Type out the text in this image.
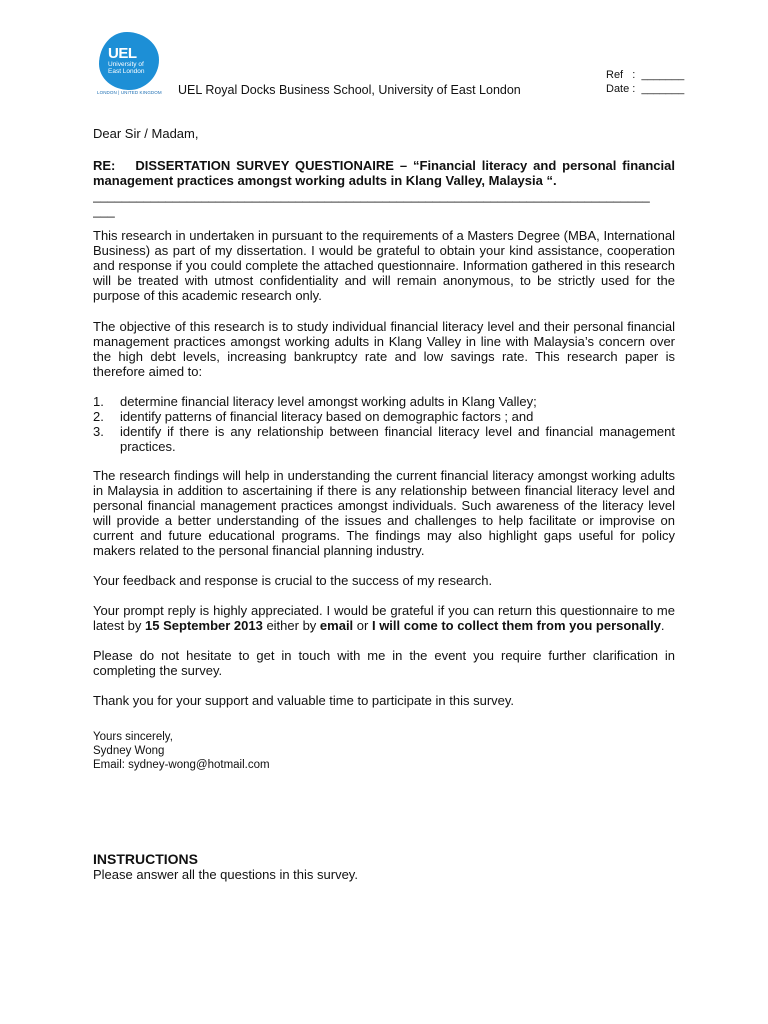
UEL
University of
East London
LONDON | UNITED KINGDOM UEL Royal Docks Business School, University of East London
Ref   :  _______
Date :  _______

Dear Sir / Madam,

RE: DISSERTATION SURVEY QUESTIONAIRE – “Financial literacy and personal financial management practices amongst working adults in Klang Valley, Malaysia “.

_____________________________________________________________________________

___

This research in undertaken in pursuant to the requirements of a Masters Degree (MBA, International Business) as part of my dissertation. I would be grateful to obtain your kind assistance, cooperation and response if you could complete the attached questionnaire. Information gathered in this research will be treated with utmost confidentiality and will remain anonymous, to be strictly used for the purpose of this academic research only.

The objective of this research is to study individual financial literacy level and their personal financial management practices amongst working adults in Klang Valley in line with Malaysia’s concern over the high debt levels, increasing bankruptcy rate and low savings rate. This research paper is therefore aimed to:

1. determine financial literacy level amongst working adults in Klang Valley;
2. identify patterns of financial literacy based on demographic factors ; and
3. identify if there is any relationship between financial literacy level and financial management practices.

The research findings will help in understanding the current financial literacy amongst working adults in Malaysia in addition to ascertaining if there is any relationship between financial literacy level and personal financial management practices amongst individuals. Such awareness of the literacy level will provide a better understanding of the issues and challenges to help facilitate or improvise on current and future educational programs. The findings may also highlight gaps useful for policy makers related to the personal financial planning industry.

Your feedback and response is crucial to the success of my research.

Your prompt reply is highly appreciated. I would be grateful if you can return this questionnaire to me latest by 15 September 2013 either by email or I will come to collect them from you personally.

Please do not hesitate to get in touch with me in the event you require further clarification in completing the survey.

Thank you for your support and valuable time to participate in this survey.

Yours sincerely,

Sydney Wong

Email: sydney-wong@hotmail.com

INSTRUCTIONS

Please answer all the questions in this survey.
